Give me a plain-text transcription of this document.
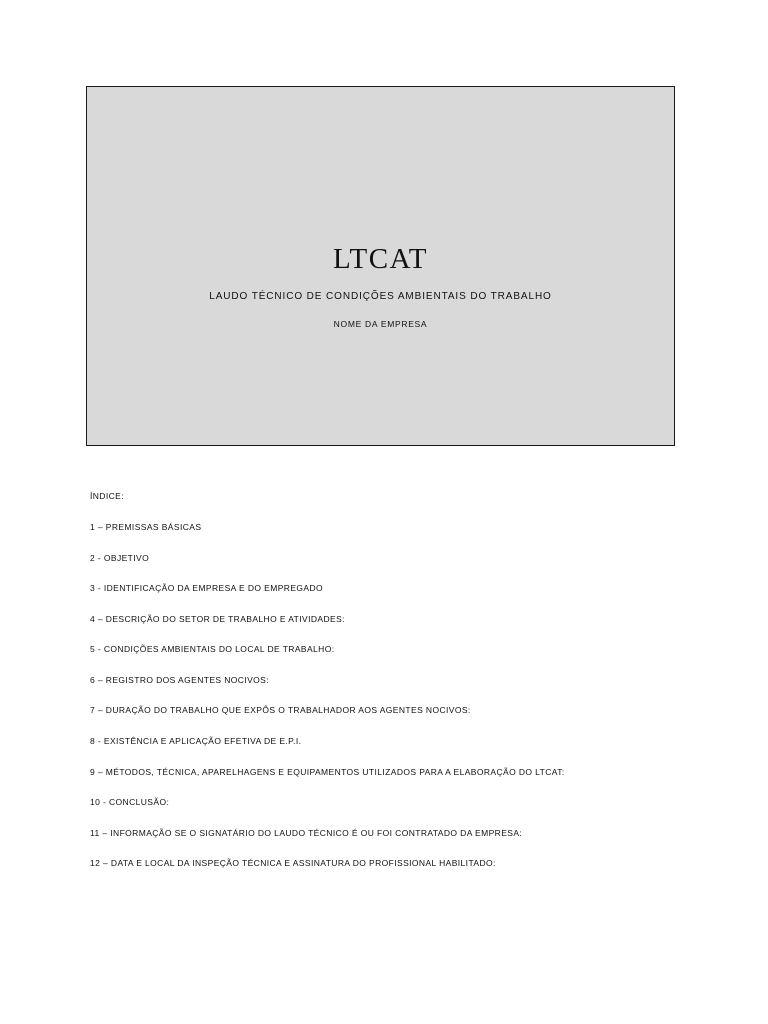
LTCAT
LAUDO TÉCNICO DE CONDIÇÕES AMBIENTAIS DO TRABALHO
NOME DA EMPRESA
ÍNDICE:
1 – PREMISSAS BÁSICAS
2 - OBJETIVO
3 - IDENTIFICAÇÃO DA EMPRESA E DO EMPREGADO
4 – DESCRIÇÃO DO SETOR DE TRABALHO E ATIVIDADES:
5 - CONDIÇÕES AMBIENTAIS DO LOCAL DE TRABALHO:
6 – REGISTRO DOS AGENTES NOCIVOS:
7 – DURAÇÃO DO TRABALHO QUE EXPÔS O TRABALHADOR AOS AGENTES NOCIVOS:
8 - EXISTÊNCIA E APLICAÇÃO EFETIVA DE E.P.I.
9 – MÉTODOS, TÉCNICA, APARELHAGENS E EQUIPAMENTOS UTILIZADOS PARA A ELABORAÇÃO DO LTCAT:
10 - CONCLUSÃO:
11 – INFORMAÇÃO SE O SIGNATÁRIO DO LAUDO TÉCNICO É OU FOI CONTRATADO DA EMPRESA:
12 – DATA E LOCAL DA INSPEÇÃO TÉCNICA E ASSINATURA DO PROFISSIONAL HABILITADO:
